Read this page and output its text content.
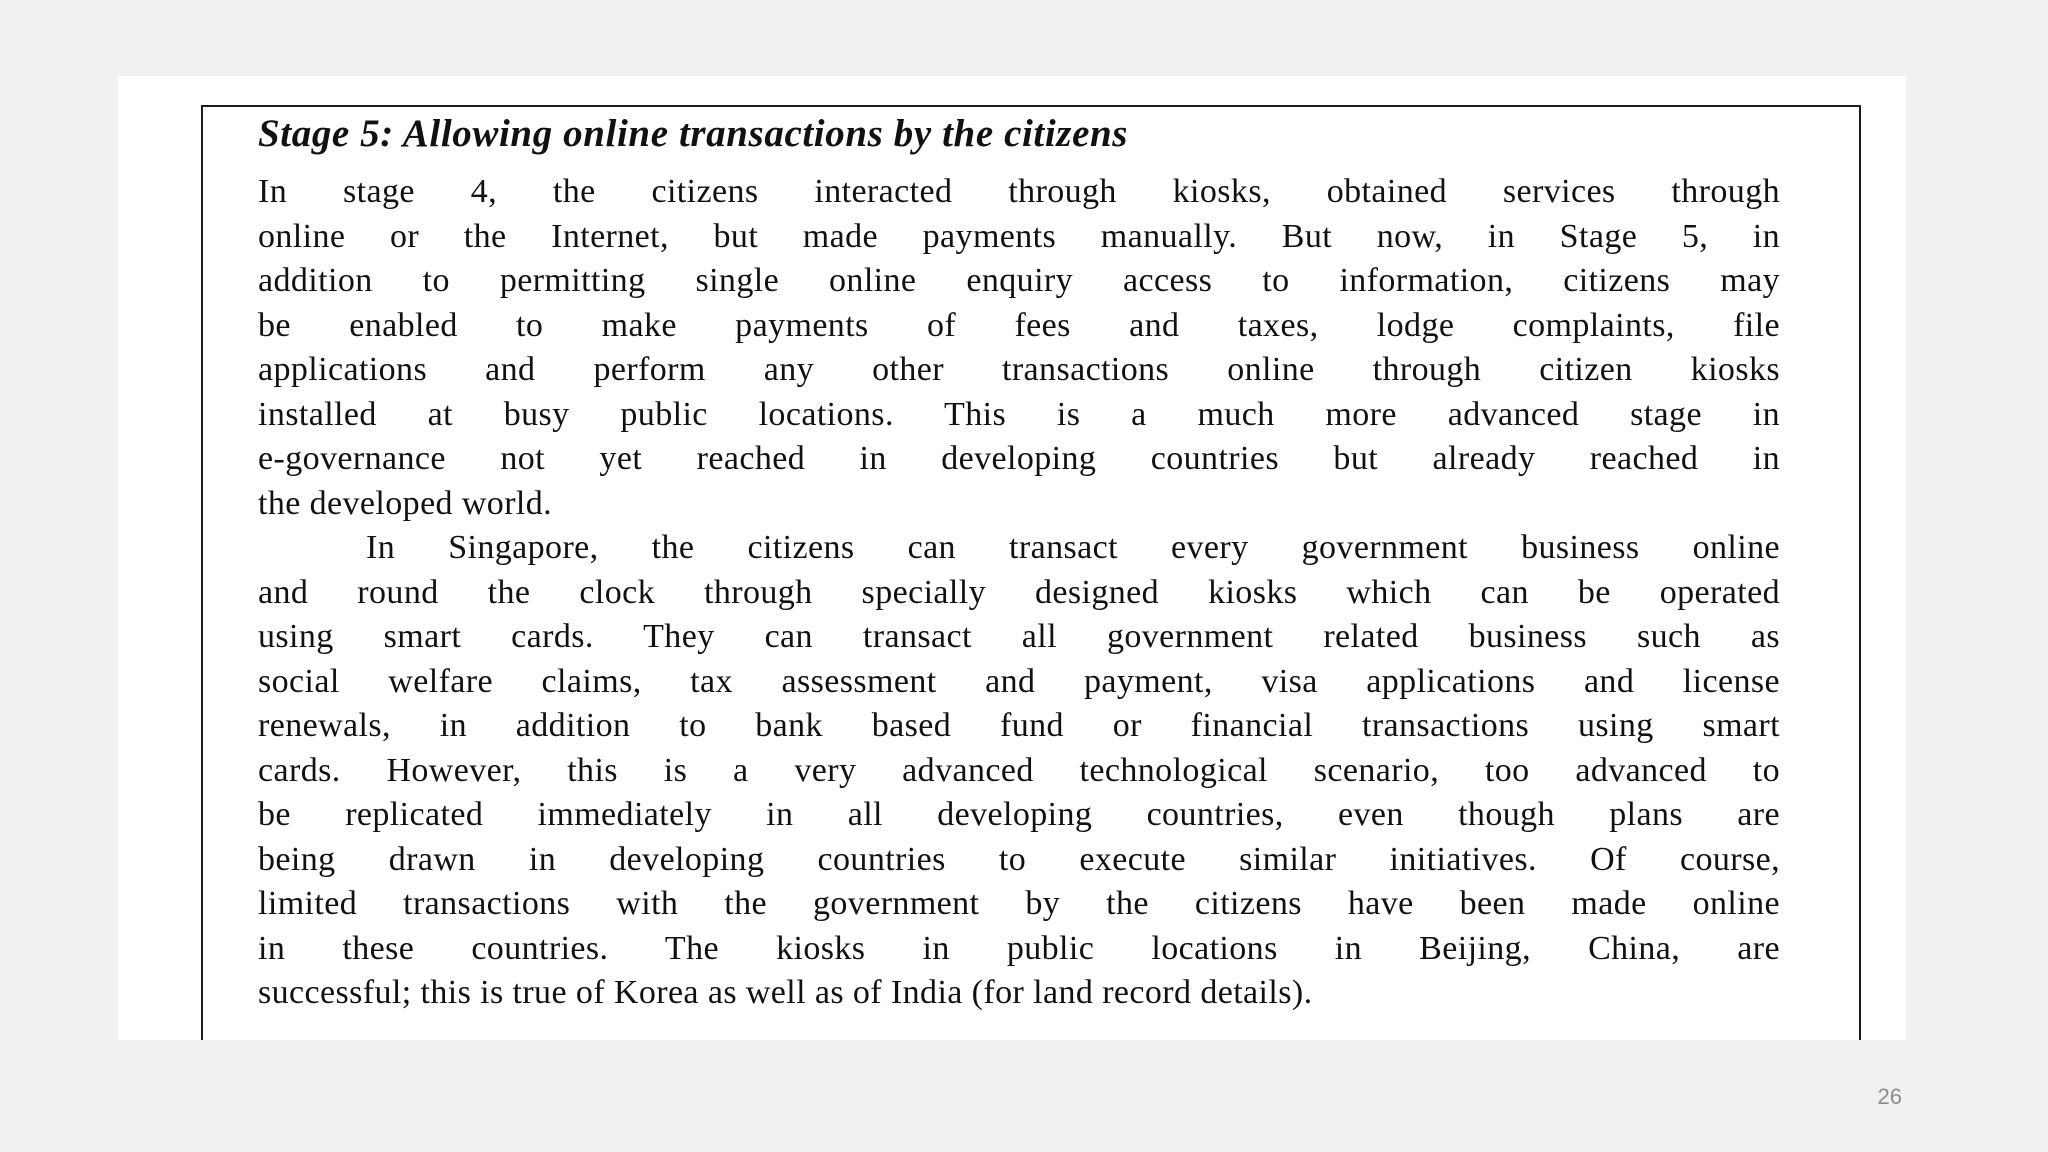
Stage 5: Allowing online transactions by the citizens
In stage 4, the citizens interacted through kiosks, obtained services through
online or the Internet, but made payments manually. But now, in Stage 5, in
addition to permitting single online enquiry access to information, citizens may
be enabled to make payments of fees and taxes, lodge complaints, file
applications and perform any other transactions online through citizen kiosks
installed at busy public locations. This is a much more advanced stage in
e-governance not yet reached in developing countries but already reached in
the developed world.
In Singapore, the citizens can transact every government business online
and round the clock through specially designed kiosks which can be operated
using smart cards. They can transact all government related business such as
social welfare claims, tax assessment and payment, visa applications and license
renewals, in addition to bank based fund or financial transactions using smart
cards. However, this is a very advanced technological scenario, too advanced to
be replicated immediately in all developing countries, even though plans are
being drawn in developing countries to execute similar initiatives. Of course,
limited transactions with the government by the citizens have been made online
in these countries. The kiosks in public locations in Beijing, China, are
successful; this is true of Korea as well as of India (for land record details).
26
